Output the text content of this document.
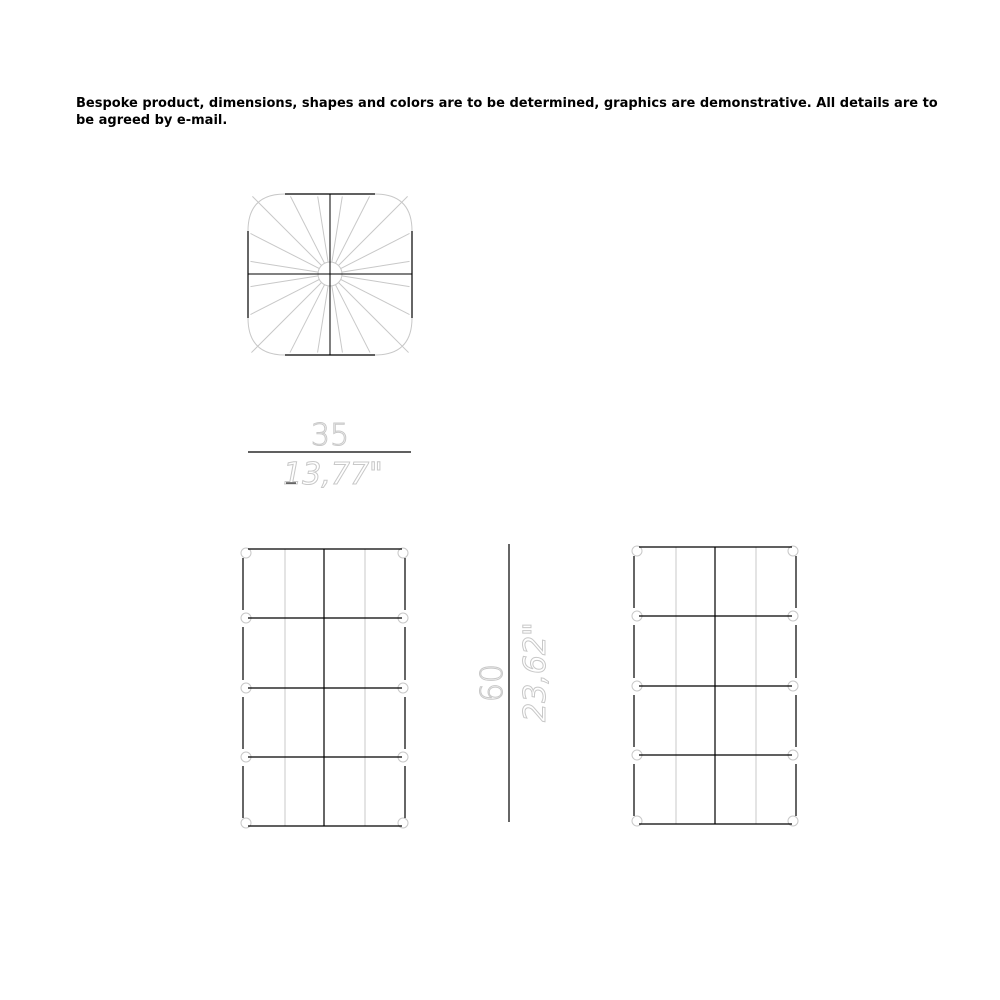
Bespoke product, dimensions, shapes and colors are to be determined, graphics are demonstrative. All details are to be agreed by e-mail.
35
13,77"
60 23,62"
